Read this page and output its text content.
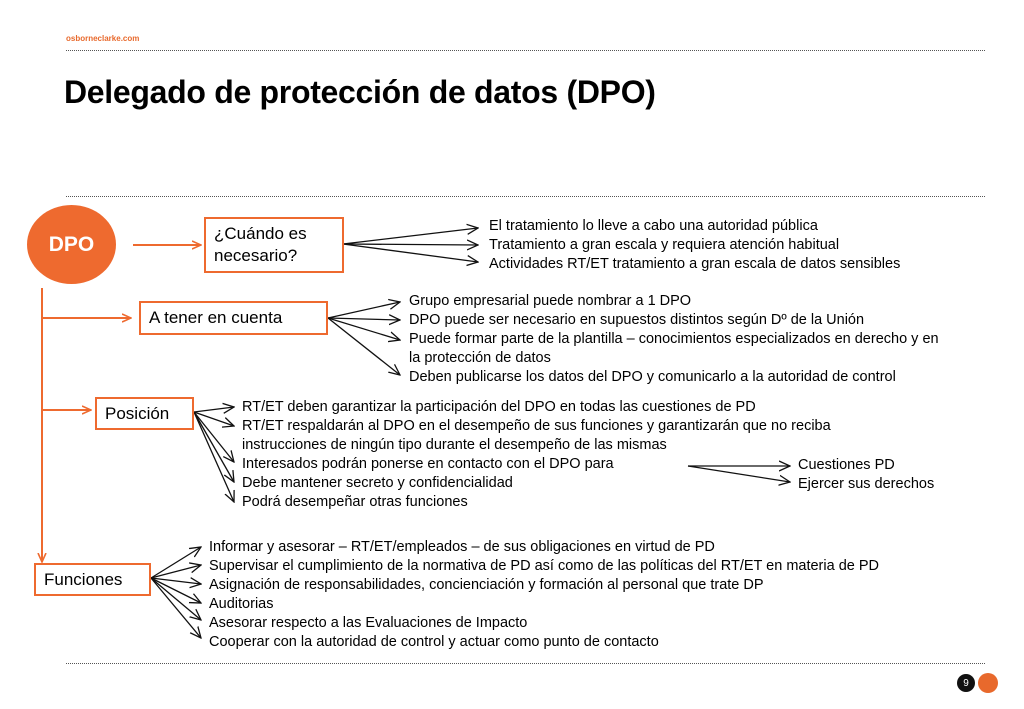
osborneclarke.com
Delegado de protección de datos (DPO)
DPO	¿Cuándo es necesario?
A tener en cuenta
Posición
Funciones
El tratamiento lo lleve a cabo una autoridad pública
Tratamiento a gran escala y requiera atención habitual
Actividades RT/ET tratamiento a gran escala de datos sensibles
Grupo empresarial puede nombrar a 1 DPO
DPO puede ser necesario en supuestos distintos según Dº de la Unión
Puede formar parte de la plantilla – conocimientos especializados en derecho y en
la protección de datos
Deben publicarse los datos del DPO y comunicarlo a la autoridad de control
RT/ET deben garantizar la participación del DPO en todas las cuestiones de PD
RT/ET respaldarán al DPO en el desempeño de sus funciones y garantizarán que no reciba
instrucciones de ningún tipo durante el desempeño de las mismas
Interesados podrán ponerse en contacto con el DPO para
Debe mantener secreto y confidencialidad
Podrá desempeñar otras funciones
Cuestiones PD
Ejercer sus derechos
Informar y asesorar – RT/ET/empleados – de sus obligaciones en virtud de PD
Supervisar el cumplimiento de la normativa de PD así como de las políticas del RT/ET en materia de PD
Asignación de responsabilidades, concienciación y formación al personal que trate DP
Auditorias
Asesorar respecto a las Evaluaciones de Impacto
Cooperar con la autoridad de control y actuar como punto de contacto
9
